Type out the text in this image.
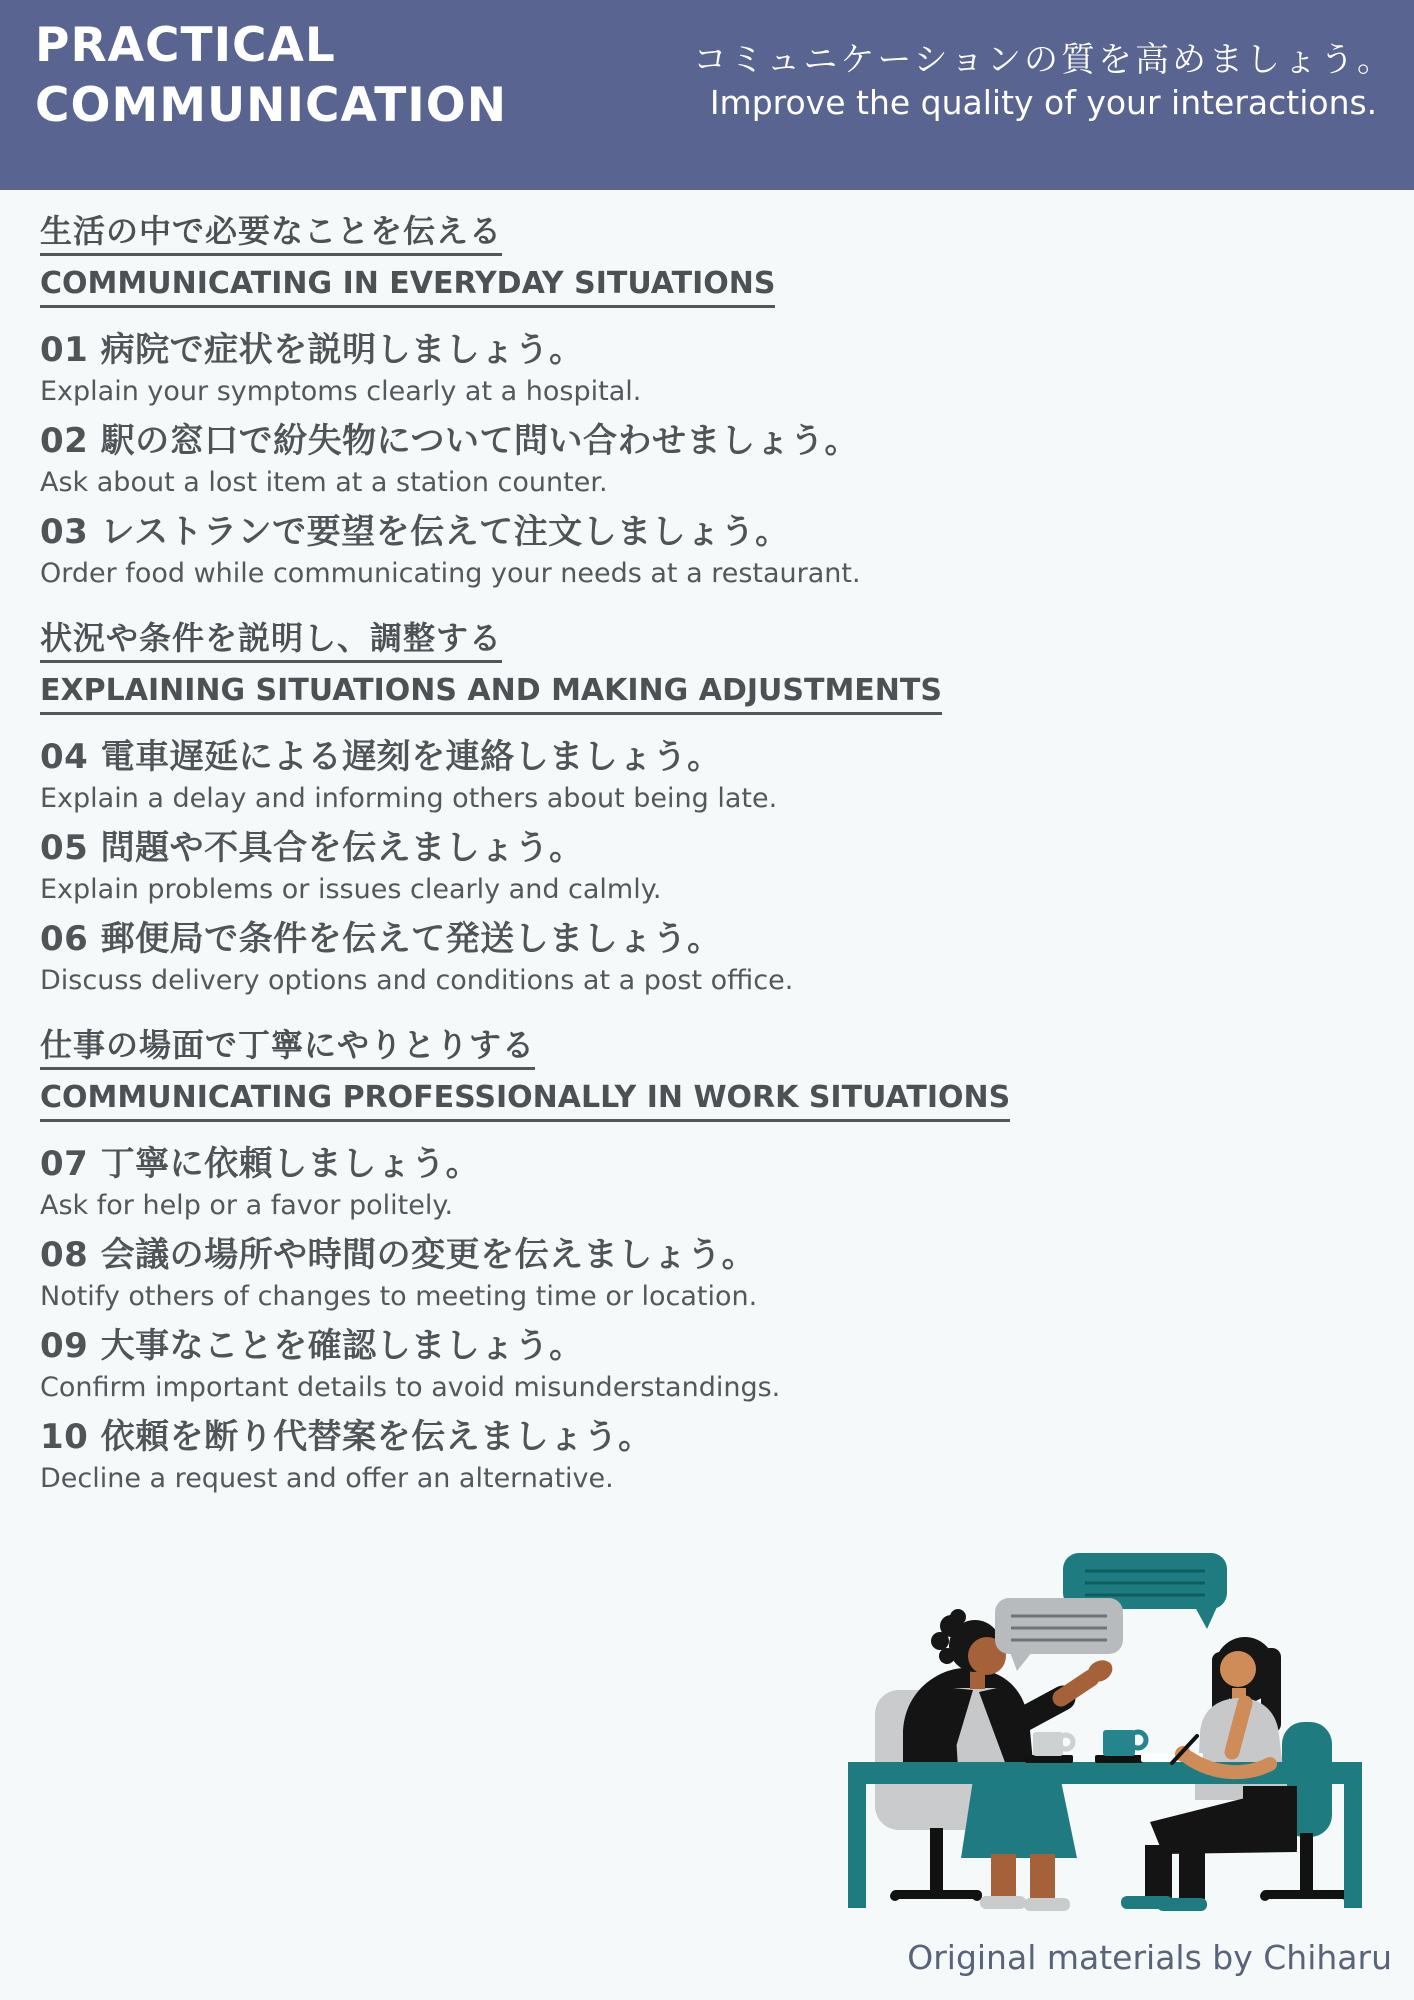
PRACTICAL
COMMUNICATION
コミュニケーションの質を高めましょう。
Improve the quality of your interactions.
生活の中で必要なことを伝える
COMMUNICATING IN EVERYDAY SITUATIONS

01 病院で症状を説明しましょう。

Explain your symptoms clearly at a hospital.

02 駅の窓口で紛失物について問い合わせましょう。

Ask about a lost item at a station counter.

03 レストランで要望を伝えて注文しましょう。

Order food while communicating your needs at a restaurant.

状況や条件を説明し、調整する
EXPLAINING SITUATIONS AND MAKING ADJUSTMENTS

04 電車遅延による遅刻を連絡しましょう。

Explain a delay and informing others about being late.

05 問題や不具合を伝えましょう。

Explain problems or issues clearly and calmly.

06 郵便局で条件を伝えて発送しましょう。

Discuss delivery options and conditions at a post office.

仕事の場面で丁寧にやりとりする
COMMUNICATING PROFESSIONALLY IN WORK SITUATIONS

07 丁寧に依頼しましょう。

Ask for help or a favor politely.

08 会議の場所や時間の変更を伝えましょう。

Notify others of changes to meeting time or location.

09 大事なことを確認しましょう。

Confirm important details to avoid misunderstandings.

10 依頼を断り代替案を伝えましょう。

Decline a request and offer an alternative.

Original materials by Chiharu
